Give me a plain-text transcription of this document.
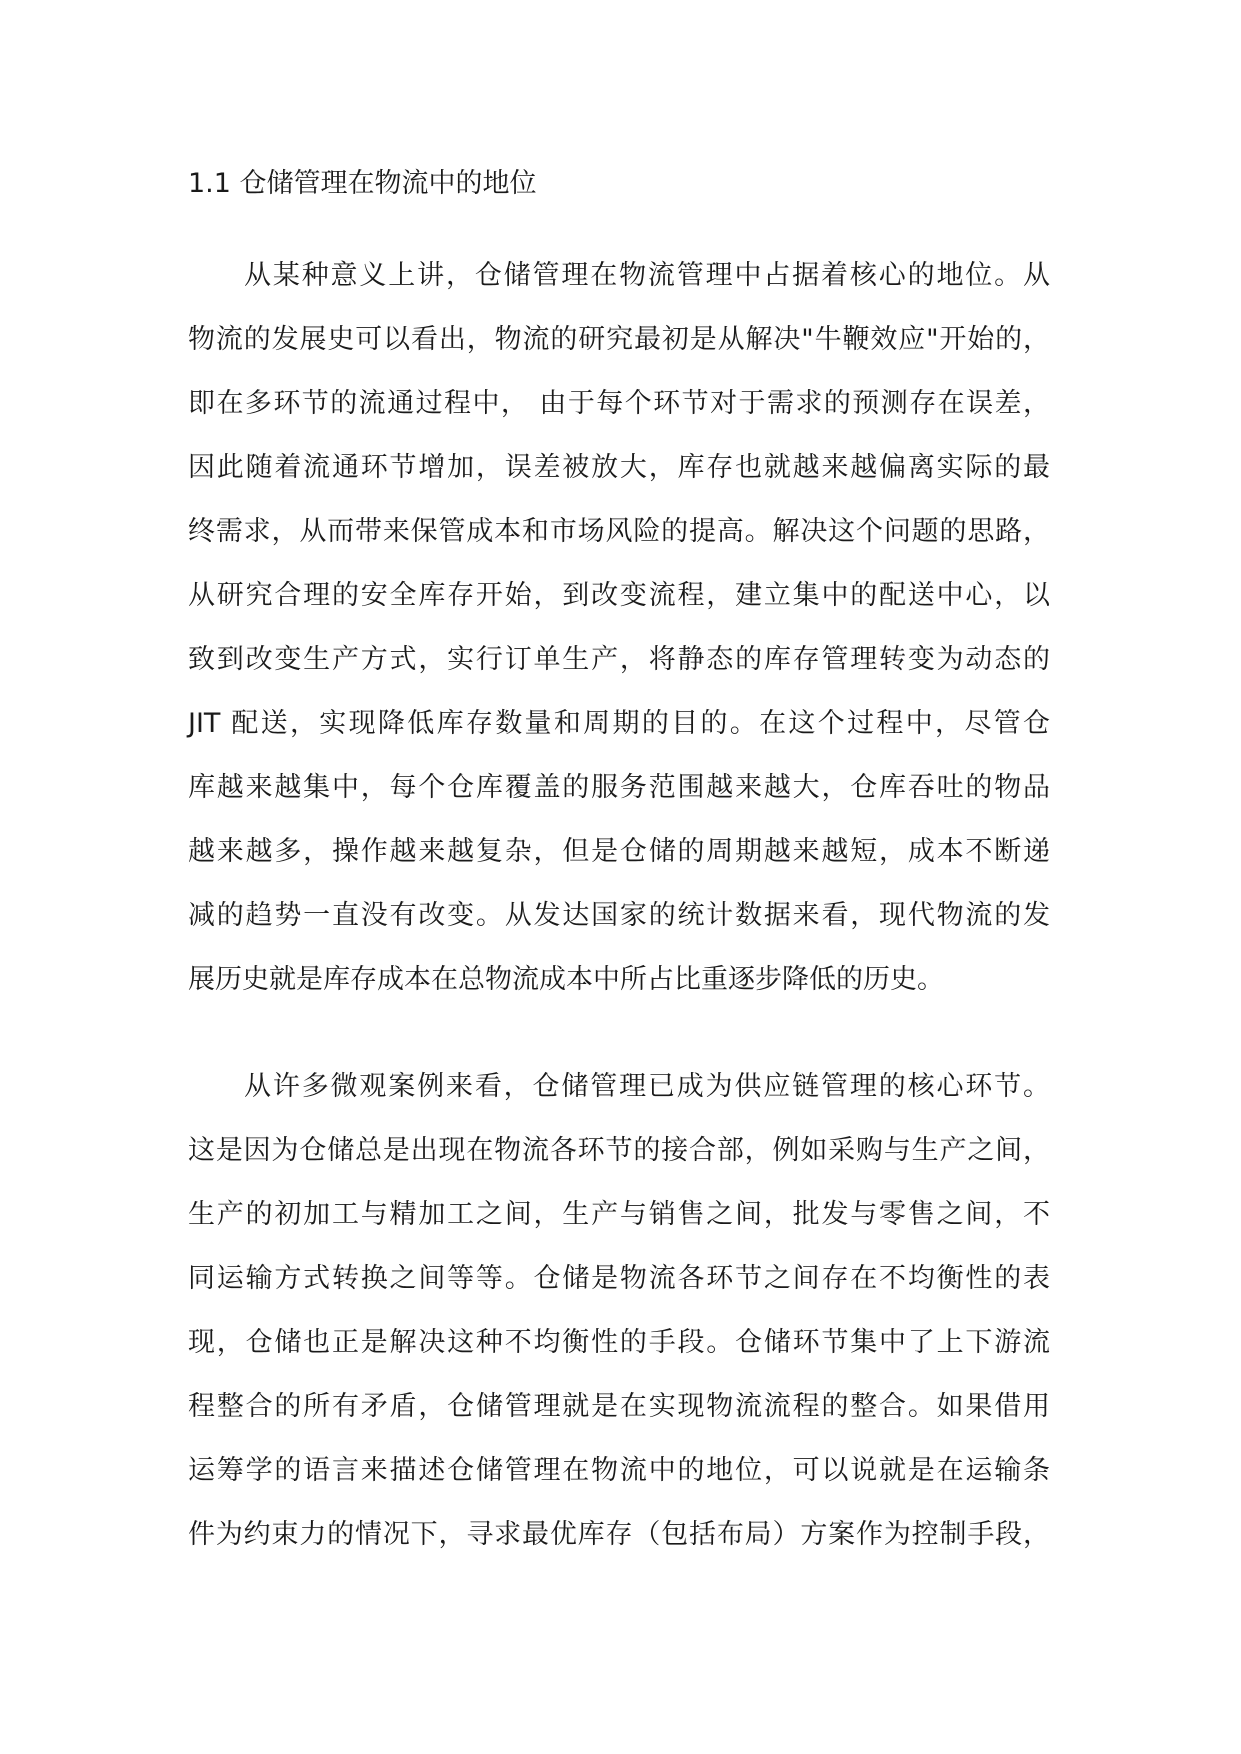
1.1 仓储管理在物流中的地位
从某种意义上讲，仓储管理在物流管理中占据着核心的地位。从
物流的发展史可以看出，物流的研究最初是从解决"牛鞭效应"开始的，
即在多环节的流通过程中， 由于每个环节对于需求的预测存在误差，
因此随着流通环节增加，误差被放大，库存也就越来越偏离实际的最
终需求，从而带来保管成本和市场风险的提高。解决这个问题的思路，
从研究合理的安全库存开始，到改变流程，建立集中的配送中心，以
致到改变生产方式，实行订单生产，将静态的库存管理转变为动态的
JIT 配送，实现降低库存数量和周期的目的。在这个过程中，尽管仓
库越来越集中，每个仓库覆盖的服务范围越来越大，仓库吞吐的物品
越来越多，操作越来越复杂，但是仓储的周期越来越短，成本不断递
减的趋势一直没有改变。从发达国家的统计数据来看，现代物流的发
展历史就是库存成本在总物流成本中所占比重逐步降低的历史。
从许多微观案例来看，仓储管理已成为供应链管理的核心环节。
这是因为仓储总是出现在物流各环节的接合部，例如采购与生产之间，
生产的初加工与精加工之间，生产与销售之间，批发与零售之间，不
同运输方式转换之间等等。仓储是物流各环节之间存在不均衡性的表
现，仓储也正是解决这种不均衡性的手段。仓储环节集中了上下游流
程整合的所有矛盾，仓储管理就是在实现物流流程的整合。如果借用
运筹学的语言来描述仓储管理在物流中的地位，可以说就是在运输条
件为约束力的情况下，寻求最优库存（包括布局）方案作为控制手段，
